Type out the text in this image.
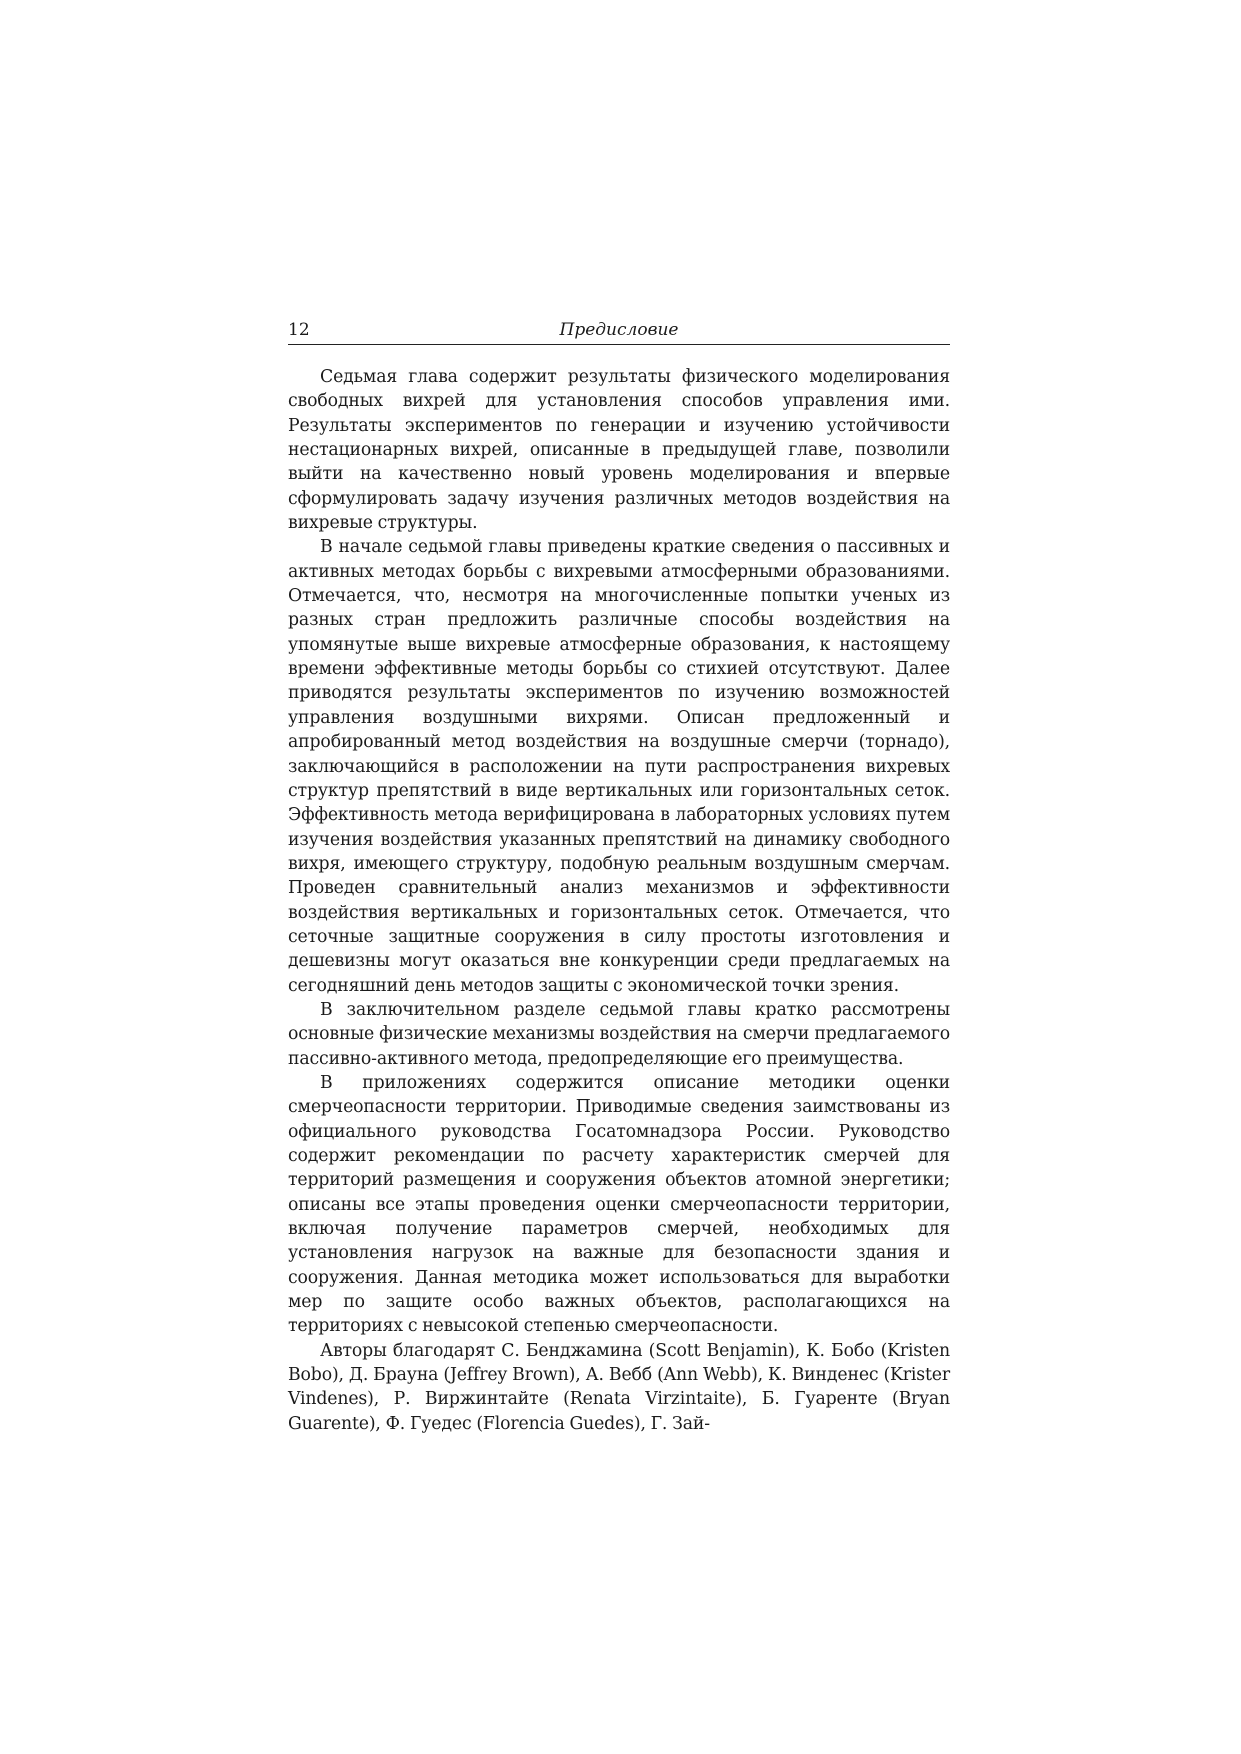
12	Предисловие

Седьмая глава содержит результаты физического моделирования свободных вихрей для установления способов управления ими. Результаты экспериментов по генерации и изучению устойчивости нестационарных вихрей, описанные в предыдущей главе, позволили выйти на качественно новый уровень моделирования и впервые сформулировать задачу изучения различных методов воздействия на вихревые структуры.

В начале седьмой главы приведены краткие сведения о пассивных и активных методах борьбы с вихревыми атмосферными образованиями. Отмечается, что, несмотря на многочисленные попытки ученых из разных стран предложить различные способы воздействия на упомянутые выше вихревые атмосферные образования, к настоящему времени эффективные методы борьбы со стихией отсутствуют. Далее приводятся результаты экспериментов по изучению возможностей управления воздушными вихрями. Описан предложенный и апробированный метод воздействия на воздушные смерчи (торнадо), заключающийся в расположении на пути распространения вихревых структур препятствий в виде вертикальных или горизонтальных сеток. Эффективность метода верифицирована в лабораторных условиях путем изучения воздействия указанных препятствий на динамику свободного вихря, имеющего структуру, подобную реальным воздушным смерчам. Проведен сравнительный анализ механизмов и эффективности воздействия вертикальных и горизонтальных сеток. Отмечается, что сеточные защитные сооружения в силу простоты изготовления и дешевизны могут оказаться вне конкуренции среди предлагаемых на сегодняшний день методов защиты с экономической точки зрения.

В заключительном разделе седьмой главы кратко рассмотрены основные физические механизмы воздействия на смерчи предлагаемого пассивно-активного метода, предопределяющие его преимущества.

В приложениях содержится описание методики оценки смерчеопасности территории. Приводимые сведения заимствованы из официального руководства Госатомнадзора России. Руководство содержит рекомендации по расчету характеристик смерчей для территорий размещения и сооружения объектов атомной энергетики; описаны все этапы проведения оценки смерчеопасности территории, включая получение параметров смерчей, необходимых для установления нагрузок на важные для безопасности здания и сооружения. Данная методика может использоваться для выработки мер по защите особо важных объектов, располагающихся на территориях с невысокой степенью смерчеопасности.

Авторы благодарят С. Бенджамина (Scott Benjamin), К. Бобо (Kristen Bobo), Д. Брауна (Jeffrey Brown), А. Вебб (Ann Webb), К. Винденес (Krister Vindenes), Р. Виржинтайте (Renata Virzintaite), Б. Гуаренте (Bryan Guarente), Ф. Гуедес (Florencia Guedes), Г. Зай-
